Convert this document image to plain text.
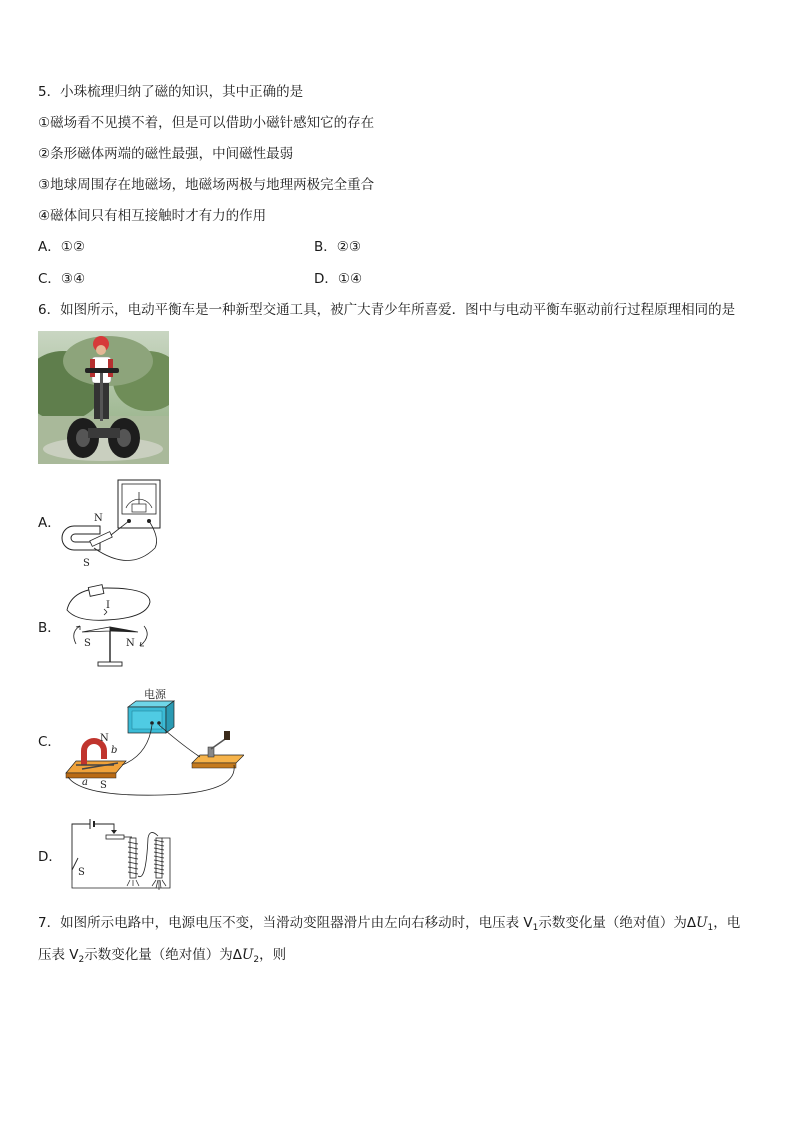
5．小珠梳理归纳了磁的知识，其中正确的是
①磁场看不见摸不着，但是可以借助小磁针感知它的存在
②条形磁体两端的磁性最强，中间磁性最弱
③地球周围存在地磁场，地磁场两极与地理两极完全重合
④磁体间只有相互接触时才有力的作用
A．①②	B．②③
C．③④	D．①④
6．如图所示，电动平衡车是一种新型交通工具，被广大青少年所喜爱．图中与电动平衡车驱动前行过程原理相同的是
A．	N
S
B．
I
S	N
C．
电源
N
S
a
b
D．
S
7．如图所示电路中，电源电压不变，当滑动变阻器滑片由左向右移动时，电压表 $V_1$示数变化量（绝对值）为$\Delta U_1$，电
压表 $V_2$示数变化量（绝对值）为$\Delta U_2$，则
